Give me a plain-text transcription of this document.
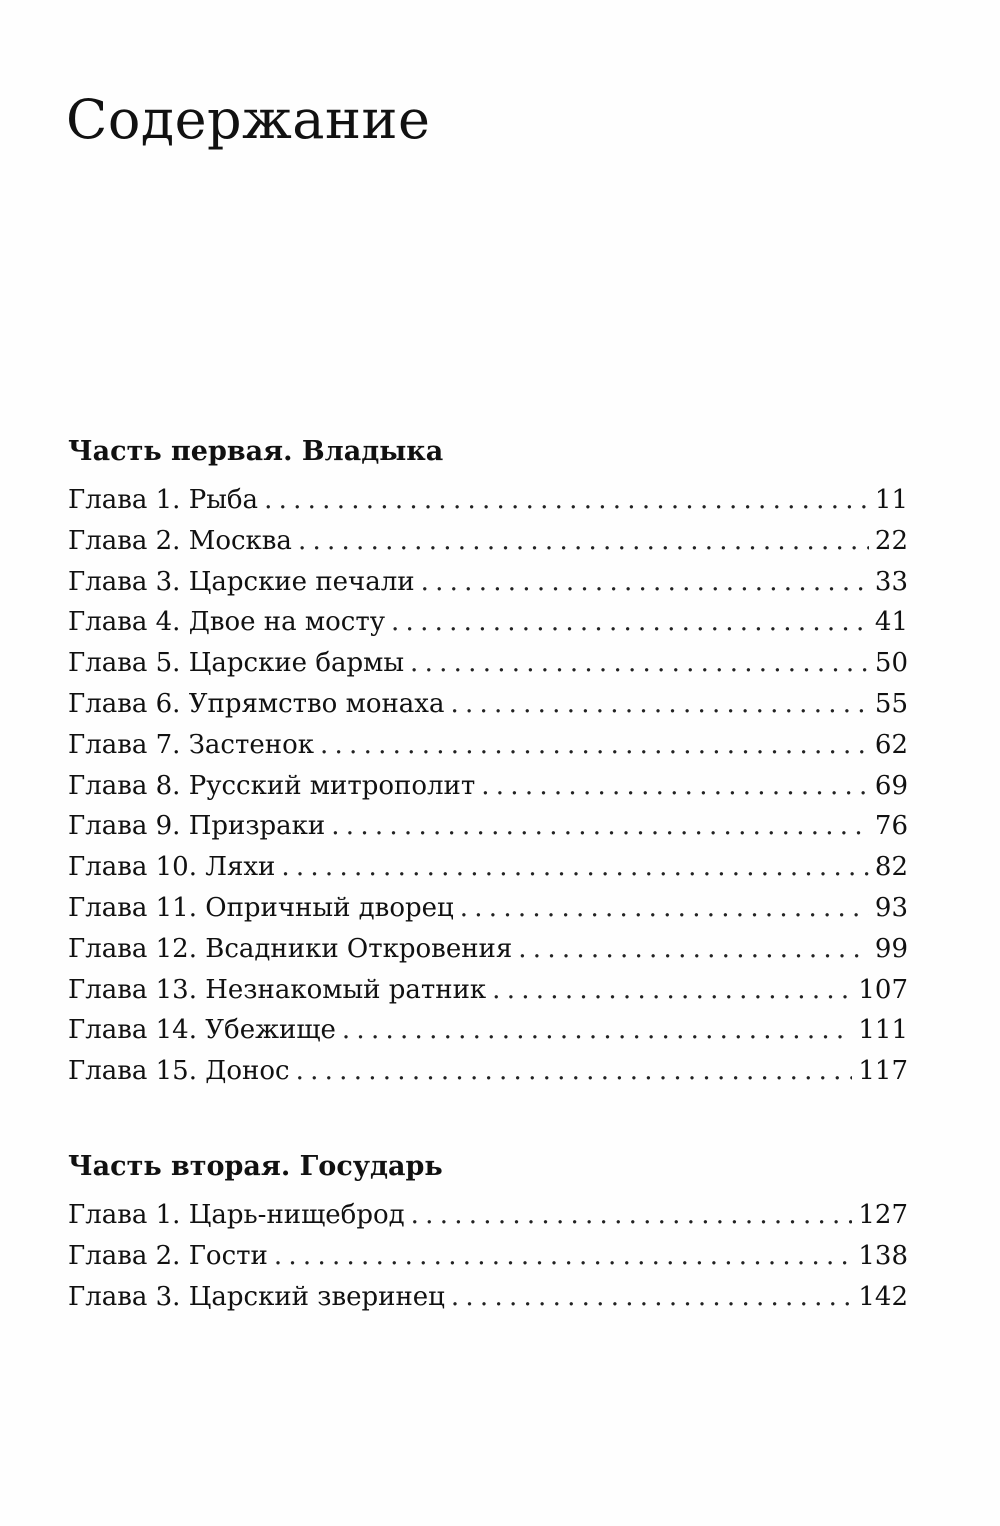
Содержание
Часть первая. Владыка
Глава 1. Рыба . . .	11
Глава 2. Москва . . .	22
Глава 3. Царские печали . . .	33
Глава 4. Двое на мосту . . .	41
Глава 5. Царские бармы . . .	50
Глава 6. Упрямство монаха . . .	55
Глава 7. Застенок . . .	62
Глава 8. Русский митрополит . . .	69
Глава 9. Призраки . . .	76
Глава 10. Ляхи . . .	82
Глава 11. Опричный дворец . . .	93
Глава 12. Всадники Откровения . . .	99
Глава 13. Незнакомый ратник . . .	107
Глава 14. Убежище . . .	111
Глава 15. Донос . . .	117
Часть вторая. Государь
Глава 1. Царь-нищеброд . . .	127
Глава 2. Гости . . .	138
Глава 3. Царский зверинец . . .	142
